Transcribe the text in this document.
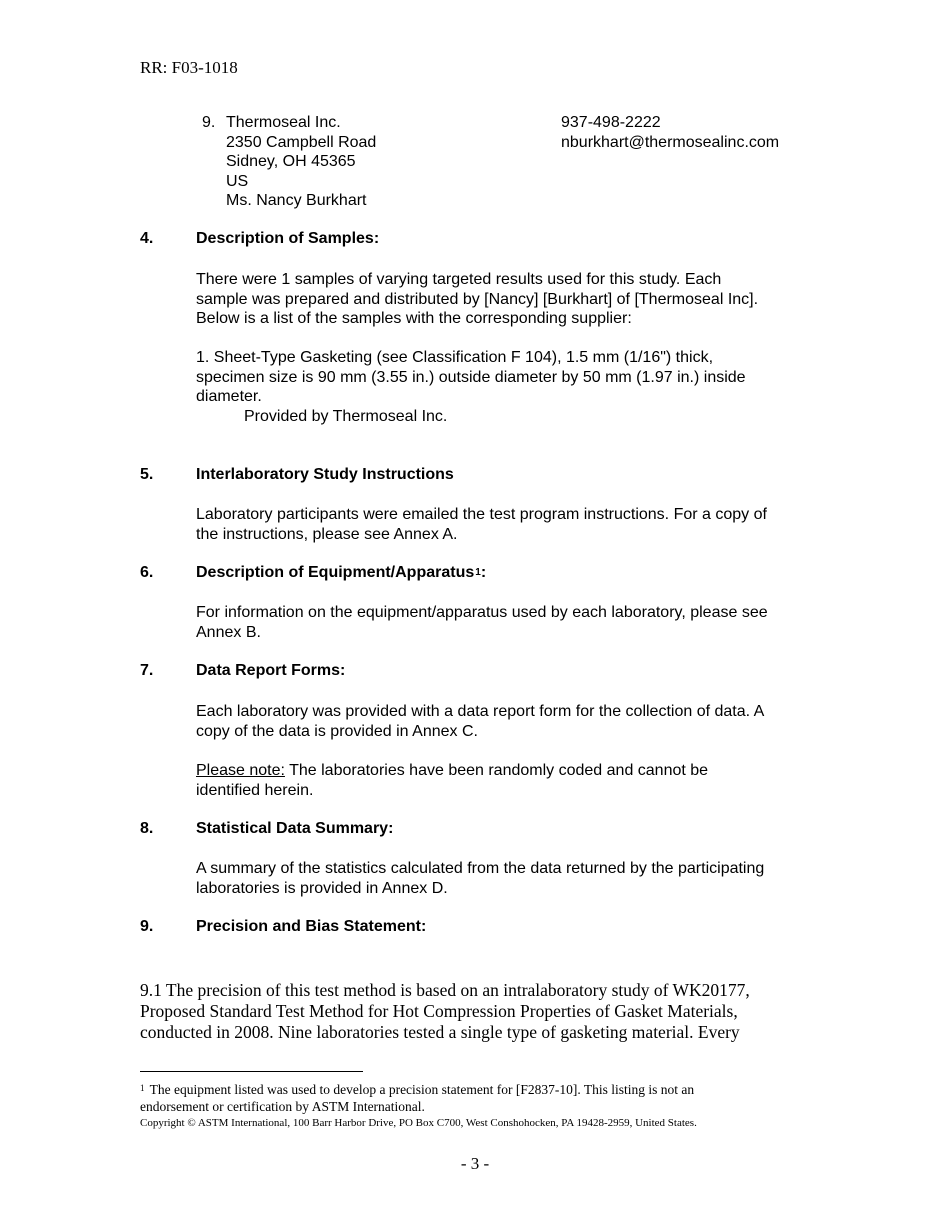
RR: F03-1018
9. Thermoseal Inc.
2350 Campbell Road
Sidney, OH 45365
US
Ms. Nancy Burkhart
937-498-2222
nburkhart@thermosealinc.com
4.	Description of Samples:
There were 1 samples of varying targeted results used for this study. Each
sample was prepared and distributed by [Nancy] [Burkhart] of [Thermoseal Inc].
Below is a list of the samples with the corresponding supplier:
1. Sheet-Type Gasketing (see Classification F 104), 1.5 mm (1/16") thick,
specimen size is 90 mm (3.55 in.) outside diameter by 50 mm (1.97 in.) inside
diameter.
Provided by Thermoseal Inc.
5.	Interlaboratory Study Instructions
Laboratory participants were emailed the test program instructions. For a copy of
the instructions, please see Annex A.
6.	Description of Equipment/Apparatus$^1$:
For information on the equipment/apparatus used by each laboratory, please see
Annex B.
7.	Data Report Forms:
Each laboratory was provided with a data report form for the collection of data. A
copy of the data is provided in Annex C.
Please note: The laboratories have been randomly coded and cannot be
identified herein.
8.	Statistical Data Summary:
A summary of the statistics calculated from the data returned by the participating
laboratories is provided in Annex D.
9.	Precision and Bias Statement:
9.1 The precision of this test method is based on an intralaboratory study of WK20177,
Proposed Standard Test Method for Hot Compression Properties of Gasket Materials,
conducted in 2008. Nine laboratories tested a single type of gasketing material. Every
$^1$ The equipment listed was used to develop a precision statement for [F2837-10]. This listing is not an
endorsement or certification by ASTM International.
Copyright © ASTM International, 100 Barr Harbor Drive, PO Box C700, West Conshohocken, PA 19428-2959, United States.
- 3 -
